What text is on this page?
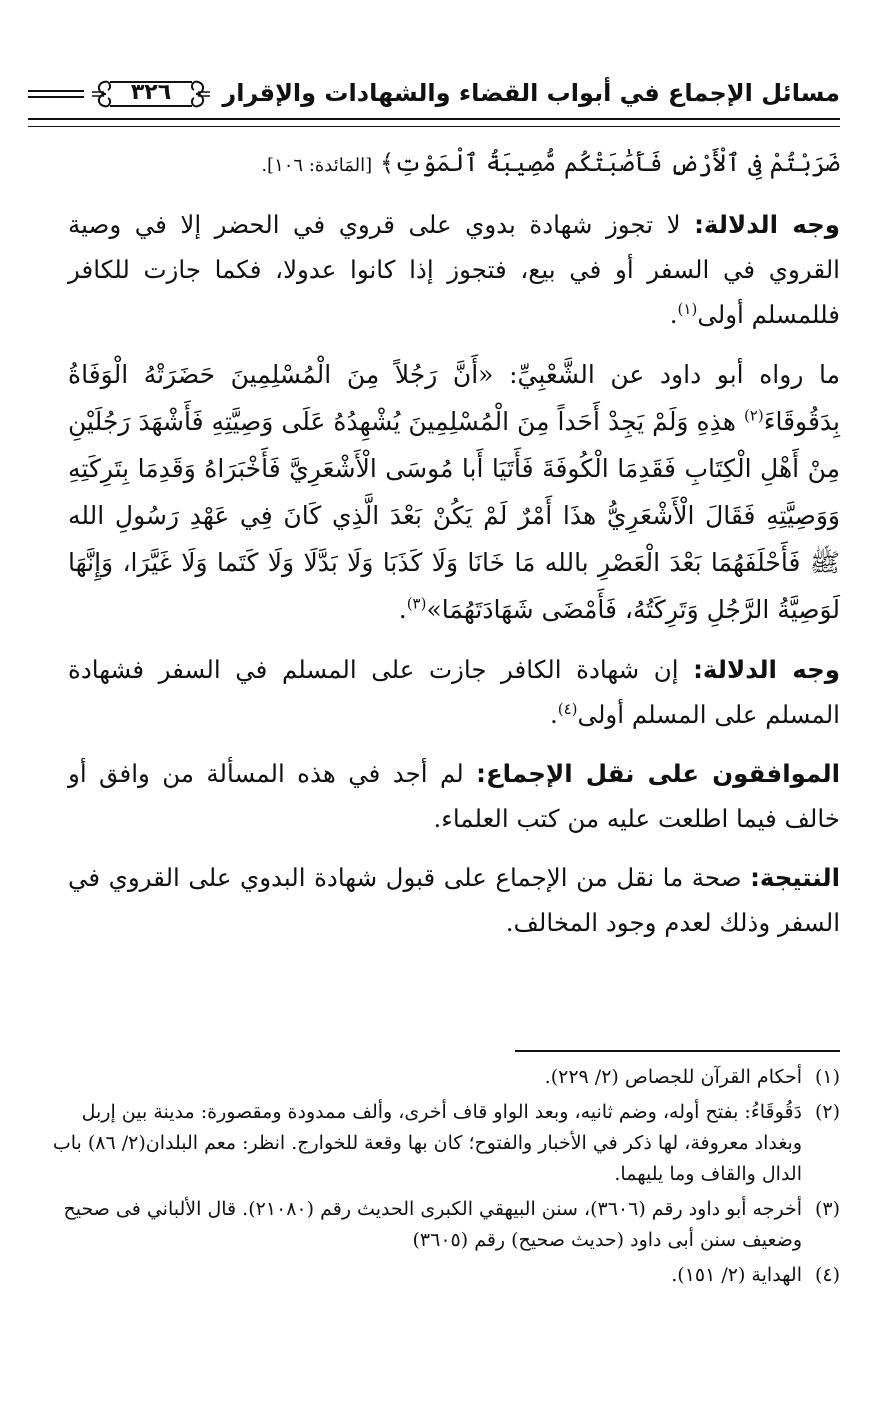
مسائل الإجماع في أبواب القضاء والشهادات والإقرار
٣٢٦

ضَرَبْتُمْ فِى ٱلْأَرْضِ فَأَصَٰبَتْكُم مُّصِيبَةُ ٱلْمَوْتِ﴾ [المَائدة: ١٠٦].

وجه الدلالة: لا تجوز شهادة بدوي على قروي في الحضر إلا في وصية القروي في السفر أو في بيع، فتجوز إذا كانوا عدولا، فكما جازت للكافر فللمسلم أولى$^{(١)}$.

ما رواه أبو داود عن الشَّعْبِيِّ: «أَنَّ رَجُلاً مِنَ الْمُسْلِمِينَ حَضَرَتْهُ الْوَفَاةُ بِدَقُوقَاءَ$^{(٢)}$ هذِهِ وَلَمْ يَجِدْ أَحَداً مِنَ الْمُسْلِمِينَ يُشْهِدُهُ عَلَى وَصِيَّتِهِ فَأَشْهَدَ رَجُلَيْنِ مِنْ أَهْلِ الْكِتَابِ فَقَدِمَا الْكُوفَةَ فَأَتَيَا أَبا مُوسَى الْأَشْعَرِيَّ فَأَخْبَرَاهُ وَقَدِمَا بِتَرِكَتِهِ وَوَصِيَّتِهِ فَقَالَ الْأَشْعَرِيُّ هذَا أَمْرٌ لَمْ يَكُنْ بَعْدَ الَّذِي كَانَ فِي عَهْدِ رَسُولِ الله ﷺ فَأَحْلَفَهُمَا بَعْدَ الْعَصْرِ بالله مَا خَانَا وَلَا كَذَبَا وَلَا بَدَّلَا وَلَا كَتَما وَلَا غَيَّرَا، وَإِنَّهَا لَوَصِيَّةُ الرَّجُلِ وَتَرِكَتُهُ، فَأَمْضَى شَهَادَتَهُمَا»$^{(٣)}$.

وجه الدلالة: إن شهادة الكافر جازت على المسلم في السفر فشهادة المسلم على المسلم أولى$^{(٤)}$.

الموافقون على نقل الإجماع: لم أجد في هذه المسألة من وافق أو خالف فيما اطلعت عليه من كتب العلماء.

النتيجة: صحة ما نقل من الإجماع على قبول شهادة البدوي على القروي في السفر وذلك لعدم وجود المخالف.

(١)
أحكام القرآن للجصاص (٢/ ٢٢٩).
(٢)
دَقُوقَاءُ: بفتح أوله، وضم ثانيه، وبعد الواو قاف أخرى، وألف ممدودة ومقصورة: مدينة بين إربل وبغداد معروفة، لها ذكر في الأخبار والفتوح؛ كان بها وقعة للخوارج. انظر: معم البلدان(٢/ ٨٦) باب الدال والقاف وما يليهما.
(٣)
أخرجه أبو داود رقم (٣٦٠٦)، سنن البيهقي الكبرى الحديث رقم (٢١٠٨٠). قال الألباني فى صحيح وضعيف سنن أبى داود (حديث صحيح) رقم (٣٦٠٥)
(٤)
الهداية (٢/ ١٥١).
